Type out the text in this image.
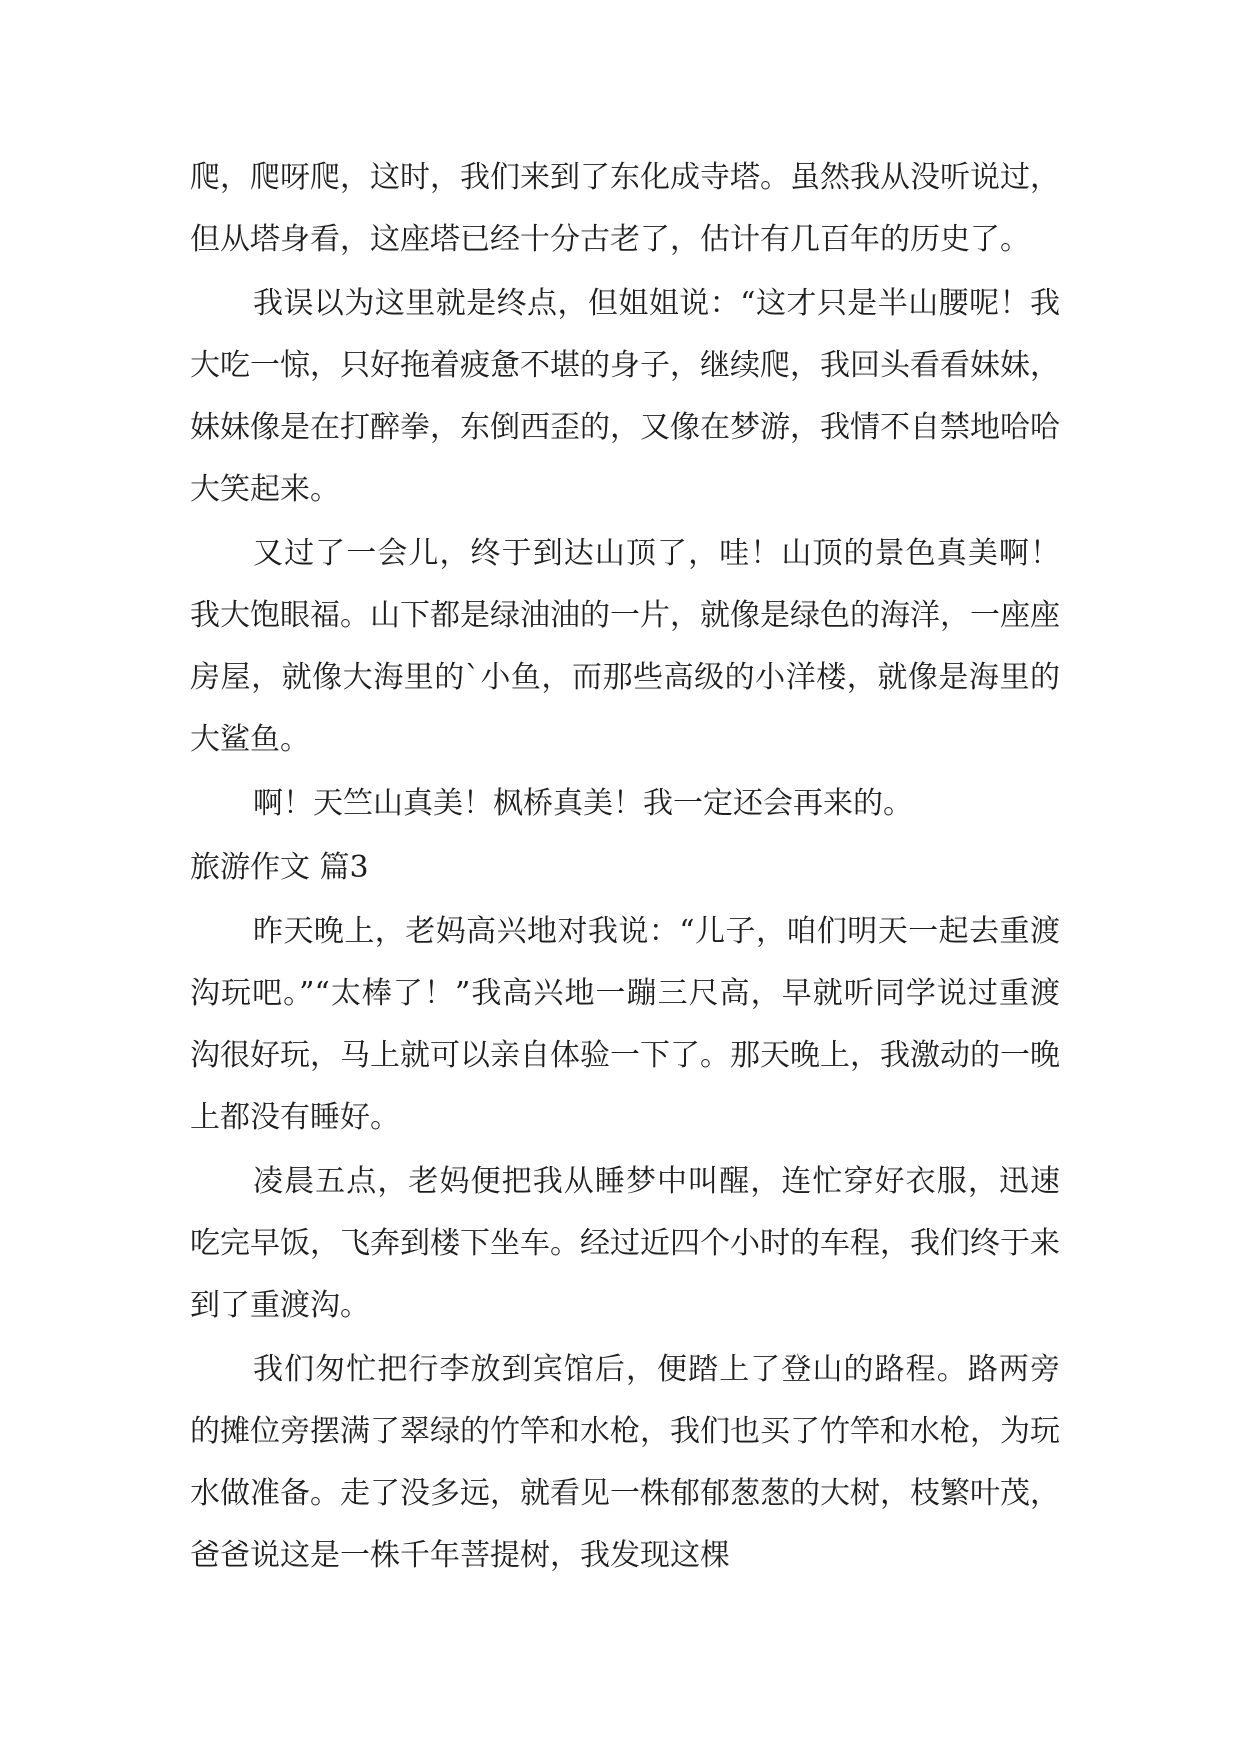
爬，爬呀爬，这时，我们来到了东化成寺塔。虽然我从没听说过，但从塔身看，这座塔已经十分古老了，估计有几百年的历史了。

我误以为这里就是终点，但姐姐说：“这才只是半山腰呢！我大吃一惊，只好拖着疲惫不堪的身子，继续爬，我回头看看妹妹，妹妹像是在打醉拳，东倒西歪的，又像在梦游，我情不自禁地哈哈大笑起来。

又过了一会儿，终于到达山顶了，哇！山顶的景色真美啊！我大饱眼福。山下都是绿油油的一片，就像是绿色的海洋，一座座房屋，就像大海里的`小鱼，而那些高级的小洋楼，就像是海里的大鲨鱼。

啊！天竺山真美！枫桥真美！我一定还会再来的。

旅游作文 篇3

昨天晚上，老妈高兴地对我说：“儿子，咱们明天一起去重渡沟玩吧。”“太棒了！”我高兴地一蹦三尺高，早就听同学说过重渡沟很好玩，马上就可以亲自体验一下了。那天晚上，我激动的一晚上都没有睡好。

凌晨五点，老妈便把我从睡梦中叫醒，连忙穿好衣服，迅速吃完早饭，飞奔到楼下坐车。经过近四个小时的车程，我们终于来到了重渡沟。

我们匆忙把行李放到宾馆后，便踏上了登山的路程。路两旁的摊位旁摆满了翠绿的竹竿和水枪，我们也买了竹竿和水枪，为玩水做准备。走了没多远，就看见一株郁郁葱葱的大树，枝繁叶茂，爸爸说这是一株千年菩提树，我发现这棵
